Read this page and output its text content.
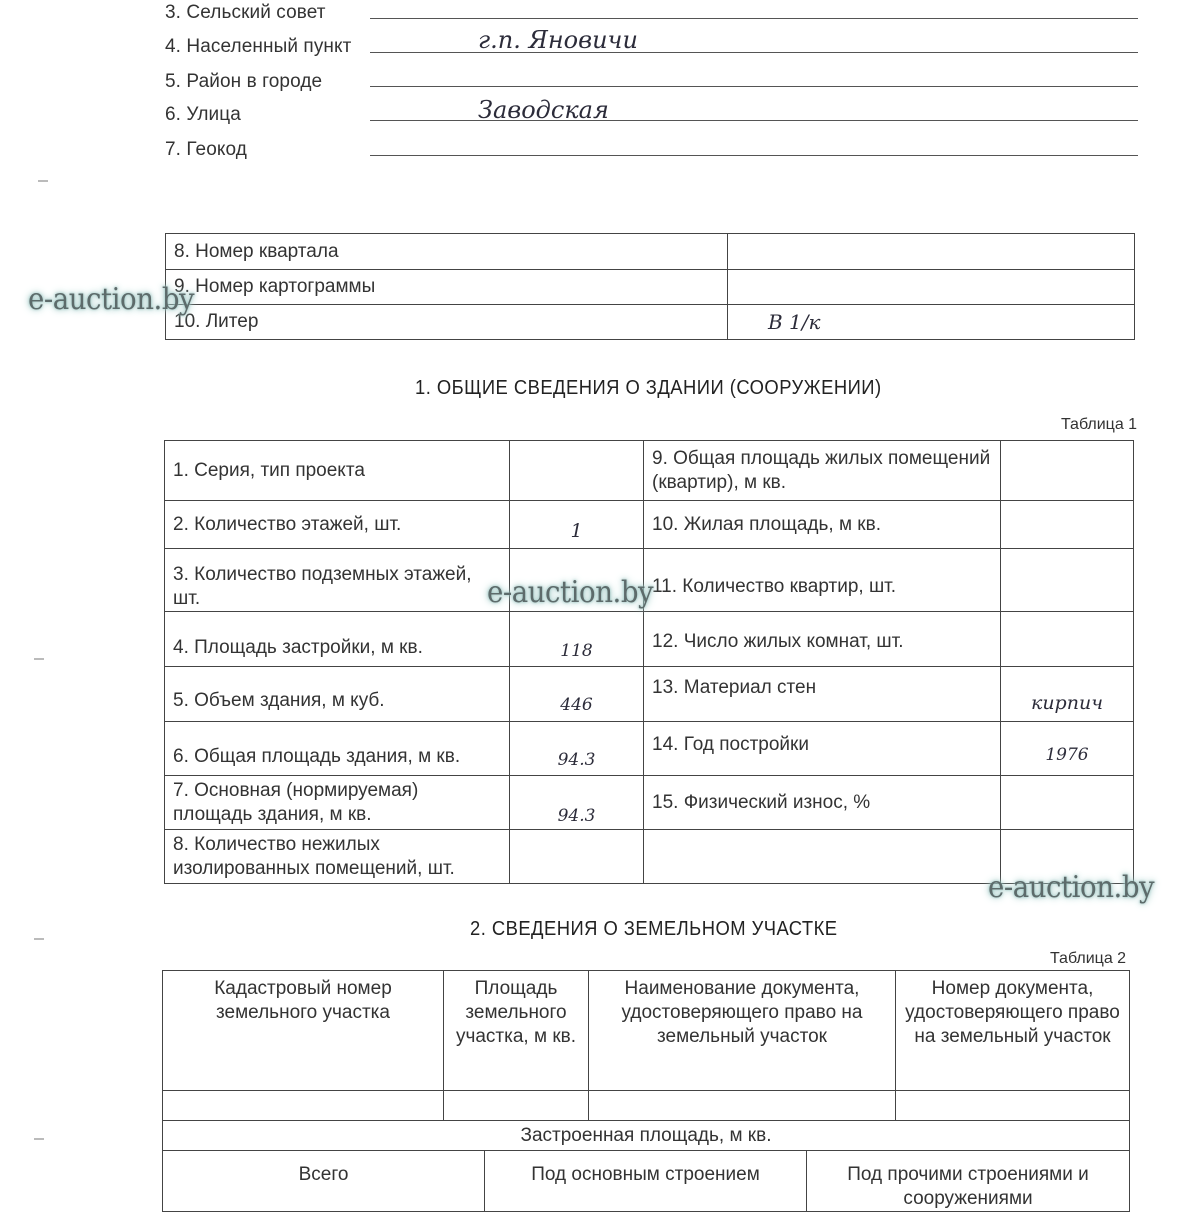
3. Сельский совет
4. Населенный пункт	г.п. Яновичи
5. Район в городе
6. Улица	Заводская
7. Геокод
8. Номер квартала	
9. Номер картограммы	
10. Литер	В 1/к
1. ОБЩИЕ СВЕДЕНИЯ О ЗДАНИИ (СООРУЖЕНИИ)
Таблица 1
1. Серия, тип проекта		9. Общая площадь жилых помещений (квартир), м кв.	
2. Количество этажей, шт.	1	10. Жилая площадь, м кв.	
3. Количество подземных этажей, шт.		11. Количество квартир, шт.	
4. Площадь застройки, м кв.	118	12. Число жилых комнат, шт.	
5. Объем здания, м куб.	446	13. Материал стен	кирпич
6. Общая площадь здания, м кв.	94.3	14. Год постройки	1976
7. Основная (нормируемая) площадь здания, м кв.	94.3	15. Физический износ, %	
8. Количество нежилых изолированных помещений, шт.			
2. СВЕДЕНИЯ О ЗЕМЕЛЬНОМ УЧАСТКЕ
Таблица 2
Кадастровый номер земельного участка	Площадь земельного участка, м кв.	Наименование документа, удостоверяющего право на земельный участок	Номер документа, удостоверяющего право на земельный участок

Застроенная площадь, м кв.			
Всего	Под основным строением	Под прочими строениями и сооружениями
e-auction.by
e-auction.by
e-auction.by
